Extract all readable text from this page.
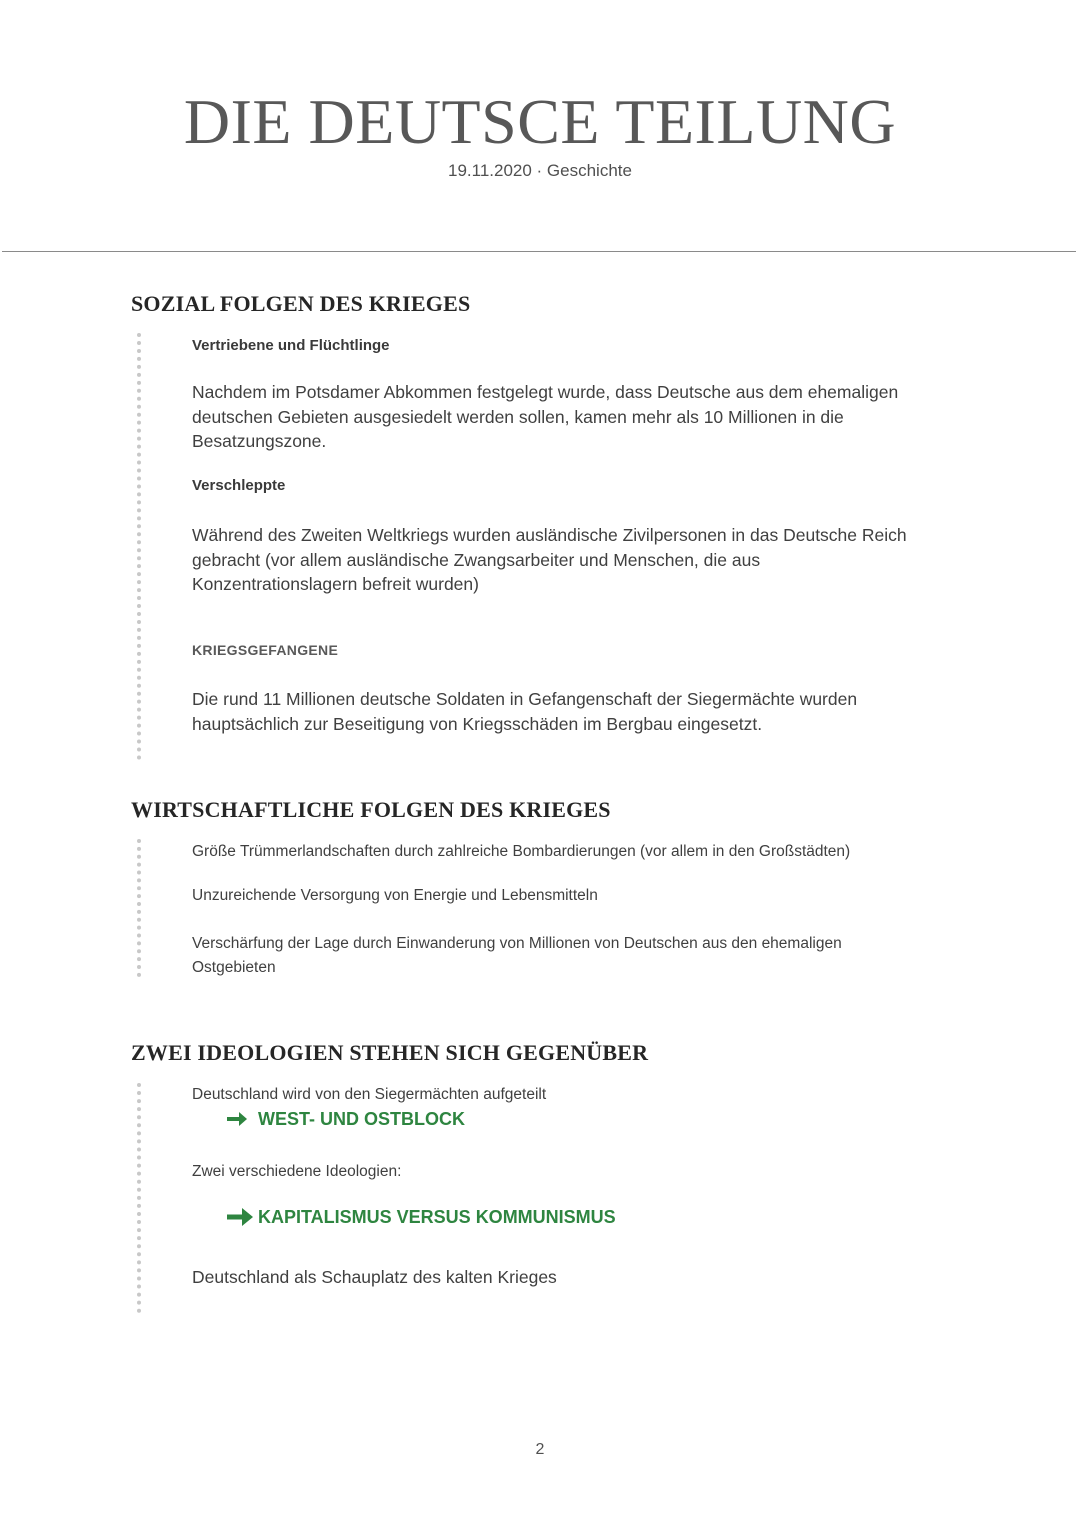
DIE DEUTSCE TEILUNG
19.11.2020 · Geschichte
SOZIAL FOLGEN DES KRIEGES
Vertriebene und Flüchtlinge
Nachdem im Potsdamer Abkommen festgelegt wurde, dass Deutsche aus dem ehemaligen
deutschen Gebieten ausgesiedelt werden sollen, kamen mehr als 10 Millionen in die
Besatzungszone.
Verschleppte
Während des Zweiten Weltkriegs wurden ausländische Zivilpersonen in das Deutsche Reich
gebracht (vor allem ausländische Zwangsarbeiter und Menschen, die aus
Konzentrationslagern befreit wurden)
KRIEGSGEFANGENE
Die rund 11 Millionen deutsche Soldaten in Gefangenschaft der Siegermächte wurden
hauptsächlich zur Beseitigung von Kriegsschäden im Bergbau eingesetzt.
WIRTSCHAFTLICHE FOLGEN DES KRIEGES
Größe Trümmerlandschaften durch zahlreiche Bombardierungen (vor allem in den Großstädten)
Unzureichende Versorgung von Energie und Lebensmitteln
Verschärfung der Lage durch Einwanderung von Millionen von Deutschen aus den ehemaligen
Ostgebieten
ZWEI IDEOLOGIEN STEHEN SICH GEGENÜBER
Deutschland wird von den Siegermächten aufgeteilt
WEST- UND OSTBLOCK
Zwei verschiedene Ideologien:
KAPITALISMUS VERSUS KOMMUNISMUS
Deutschland als Schauplatz des kalten Krieges
2
